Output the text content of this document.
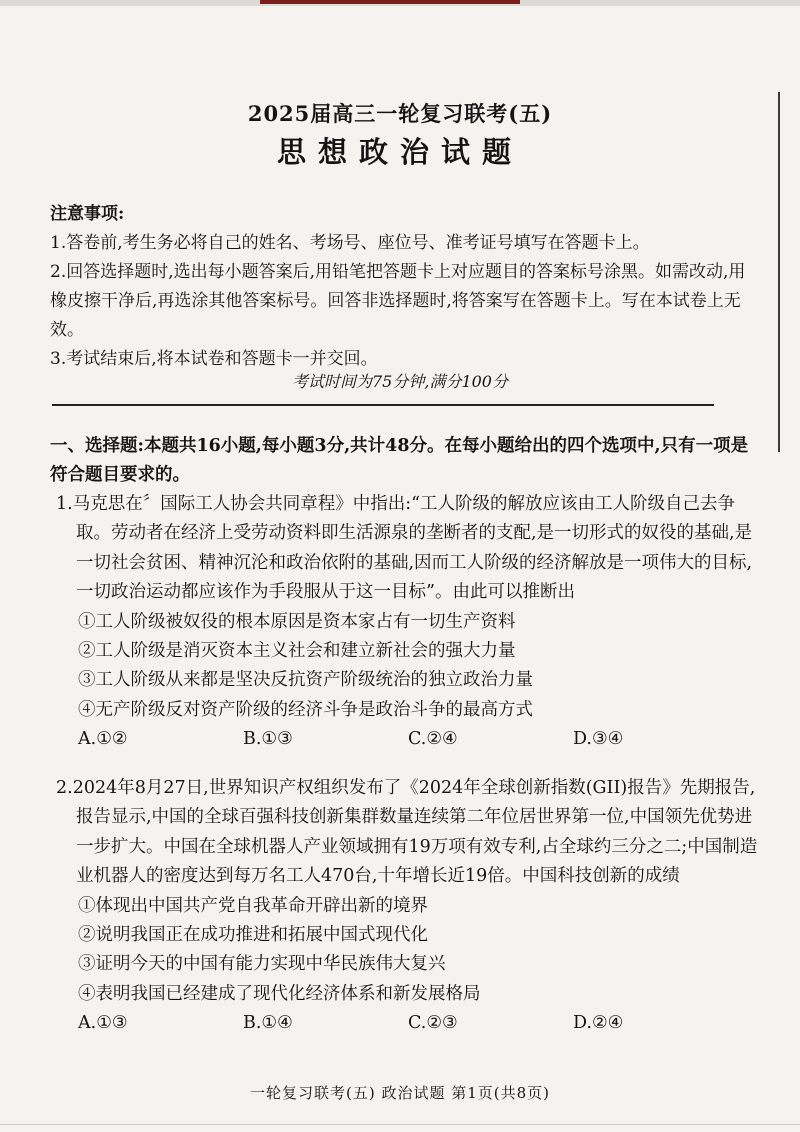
2025届高三一轮复习联考(五)
思想政治试题

注意事项:

1.答卷前,考生务必将自己的姓名、考场号、座位号、准考证号填写在答题卡上。

2.回答选择题时,选出每小题答案后,用铅笔把答题卡上对应题目的答案标号涂黑。如需改动,用橡皮擦干净后,再选涂其他答案标号。回答非选择题时,将答案写在答题卡上。写在本试卷上无效。

3.考试结束后,将本试卷和答题卡一并交回。

考试时间为75分钟,满分100分
一、选择题:本题共16小题,每小题3分,共计48分。在每小题给出的四个选项中,只有一项是符合题目要求的。

1.马克思在〞国际工人协会共同章程》中指出:“工人阶级的解放应该由工人阶级自己去争取。劳动者在经济上受劳动资料即生活源泉的垄断者的支配,是一切形式的奴役的基础,是一切社会贫困、精神沉沦和政治依附的基础,因而工人阶级的经济解放是一项伟大的目标,一切政治运动都应该作为手段服从于这一目标”。由此可以推断出

①工人阶级被奴役的根本原因是资本家占有一切生产资料

②工人阶级是消灭资本主义社会和建立新社会的强大力量

③工人阶级从来都是坚决反抗资产阶级统治的独立政治力量

④无产阶级反对资产阶级的经济斗争是政治斗争的最高方式

A.①②	B.①③	C.②④	D.③④

2.2024年8月27日,世界知识产权组织发布了《2024年全球创新指数(GII)报告》先期报告,报告显示,中国的全球百强科技创新集群数量连续第二年位居世界第一位,中国领先优势进一步扩大。中国在全球机器人产业领域拥有19万项有效专利,占全球约三分之二;中国制造业机器人的密度达到每万名工人470台,十年增长近19倍。中国科技创新的成绩

①体现出中国共产党自我革命开辟出新的境界

②说明我国正在成功推进和拓展中国式现代化

③证明今天的中国有能力实现中华民族伟大复兴

④表明我国已经建成了现代化经济体系和新发展格局

A.①③	B.①④	C.②③	D.②④
一轮复习联考(五) 政治试题 第1页(共8页)
